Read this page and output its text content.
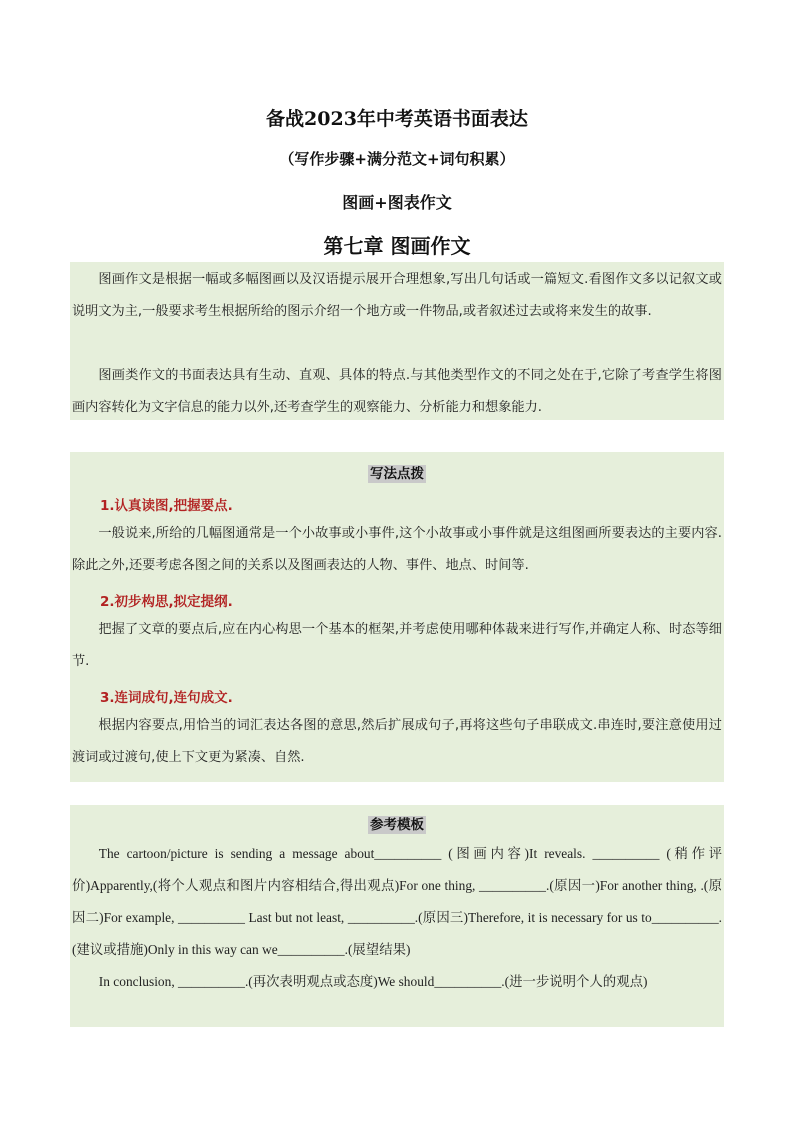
备战2023年中考英语书面表达
（写作步骤+满分范文+词句积累）
图画+图表作文
第七章 图画作文

图画作文是根据一幅或多幅图画以及汉语提示展开合理想象,写出几句话或一篇短文.看图作文多以记叙文或说明文为主,一般要求考生根据所给的图示介绍一个地方或一件物品,或者叙述过去或将来发生的故事.

图画类作文的书面表达具有生动、直观、具体的特点.与其他类型作文的不同之处在于,它除了考查学生将图画内容转化为文字信息的能力以外,还考查学生的观察能力、分析能力和想象能力.

写法点拨
1.认真读图,把握要点.

一般说来,所给的几幅图通常是一个小故事或小事件,这个小故事或小事件就是这组图画所要表达的主要内容.除此之外,还要考虑各图之间的关系以及图画表达的人物、事件、地点、时间等.

2.初步构思,拟定提纲.

把握了文章的要点后,应在内心构思一个基本的框架,并考虑使用哪种体裁来进行写作,并确定人称、时态等细节.

3.连词成句,连句成文.

根据内容要点,用恰当的词汇表达各图的意思,然后扩展成句子,再将这些句子串联成文.串连时,要注意使用过渡词或过渡句,使上下文更为紧凑、自然.

参考模板

The cartoon/picture is sending a message about__________ (图画内容)It reveals. __________ (稍作评价)Apparently,(将个人观点和图片内容相结合,得出观点)For one thing, __________.(原因一)For another thing, .(原因二)For example, __________ Last but not least, __________.(原因三)Therefore, it is necessary for us to__________.(建议或措施)Only in this way can we__________.(展望结果)

In conclusion, __________.(再次表明观点或态度)We should__________.(进一步说明个人的观点)
